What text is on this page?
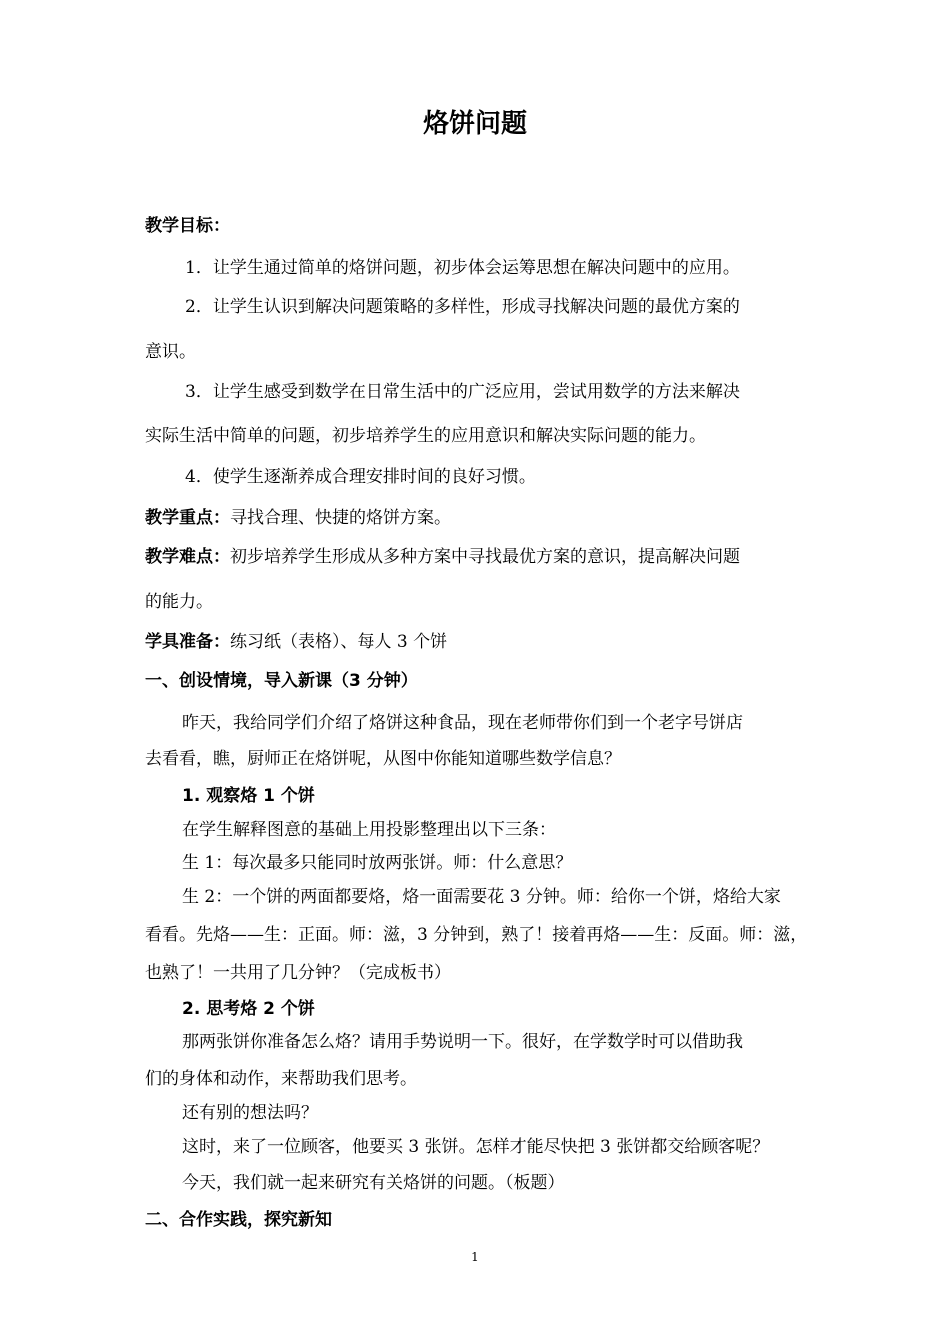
烙饼问题
教学目标：
1．让学生通过简单的烙饼问题，初步体会运筹思想在解决问题中的应用。
2．让学生认识到解决问题策略的多样性，形成寻找解决问题的最优方案的
意识。
3．让学生感受到数学在日常生活中的广泛应用，尝试用数学的方法来解决
实际生活中简单的问题，初步培养学生的应用意识和解决实际问题的能力。
4．使学生逐渐养成合理安排时间的良好习惯。
教学重点：寻找合理、快捷的烙饼方案。
教学难点：初步培养学生形成从多种方案中寻找最优方案的意识，提高解决问题
的能力。
学具准备：练习纸（表格）、每人 3 个饼
一、创设情境，导入新课（3 分钟）
昨天，我给同学们介绍了烙饼这种食品，现在老师带你们到一个老字号饼店
去看看，瞧，厨师正在烙饼呢，从图中你能知道哪些数学信息？
1. 观察烙 1 个饼
在学生解释图意的基础上用投影整理出以下三条：
生 1：每次最多只能同时放两张饼。师：什么意思？
生 2：一个饼的两面都要烙，烙一面需要花 3 分钟。师：给你一个饼，烙给大家
看看。先烙——生：正面。师：滋，3 分钟到，熟了！接着再烙——生：反面。师：滋，
也熟了！一共用了几分钟？（完成板书）
2. 思考烙 2 个饼
那两张饼你准备怎么烙？请用手势说明一下。很好，在学数学时可以借助我
们的身体和动作，来帮助我们思考。
还有别的想法吗？
这时，来了一位顾客，他要买 3 张饼。怎样才能尽快把 3 张饼都交给顾客呢？
今天，我们就一起来研究有关烙饼的问题。（板题）
二、合作实践，探究新知
1
